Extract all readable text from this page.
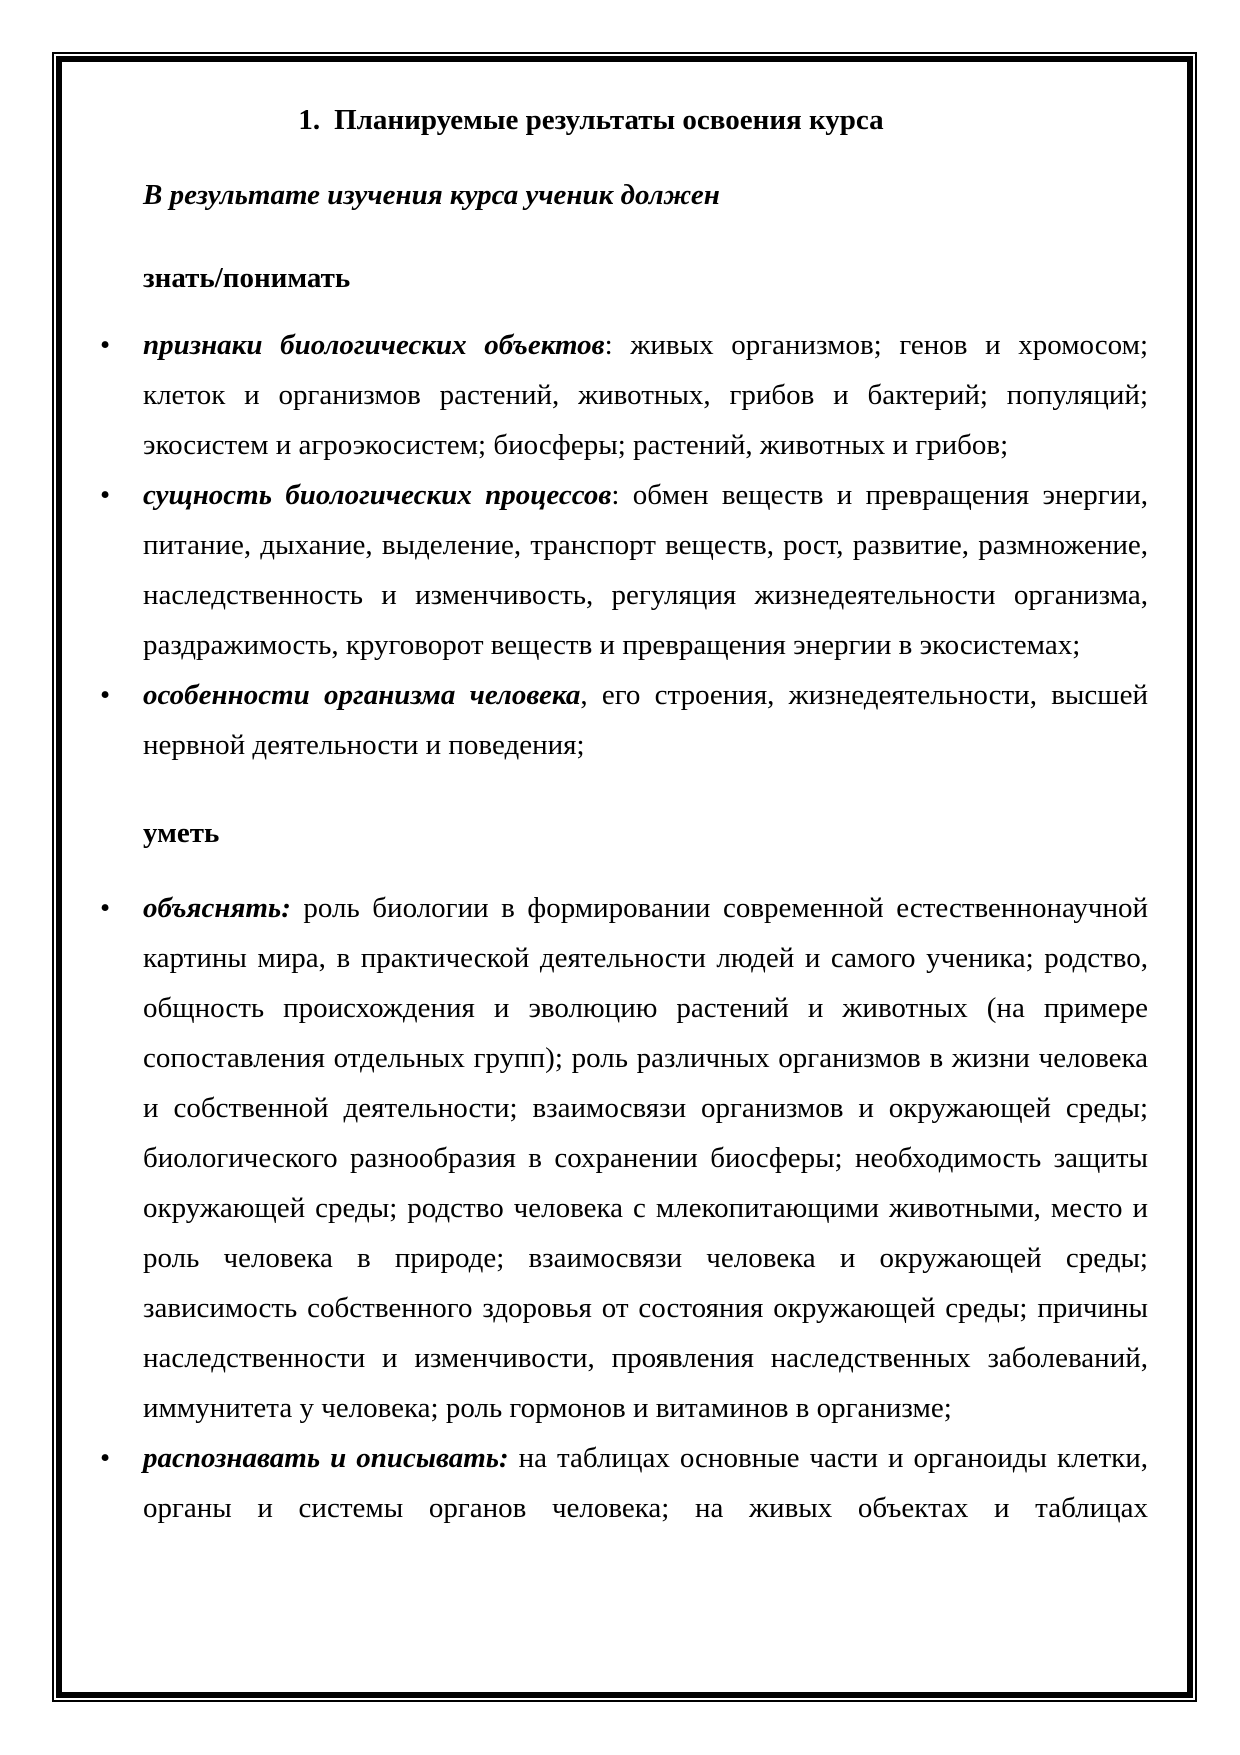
1. Планируемые результаты освоения курса
В результате изучения курса ученик должен
знать/понимать
• признаки биологических объектов: живых организмов; генов и хромосом; клеток и организмов растений, животных, грибов и бактерий; популяций; экосистем и агроэкосистем; биосферы; растений, животных и грибов;
• сущность биологических процессов: обмен веществ и превращения энергии, питание, дыхание, выделение, транспорт веществ, рост, развитие, размножение, наследственность и изменчивость, регуляция жизнедеятельности организма, раздражимость, круговорот веществ и превращения энергии в экосистемах;
• особенности организма человека, его строения, жизнедеятельности, высшей нервной деятельности и поведения;
уметь
• объяснять: роль биологии в формировании современной естественнонаучной картины мира, в практической деятельности людей и самого ученика; родство, общность происхождения и эволюцию растений и животных (на примере сопоставления отдельных групп); роль различных организмов в жизни человека и собственной деятельности; взаимосвязи организмов и окружающей среды; биологического разнообразия в сохранении биосферы; необходимость защиты окружающей среды; родство человека с млекопитающими животными, место и роль человека в природе; взаимосвязи человека и окружающей среды; зависимость собственного здоровья от состояния окружающей среды; причины наследственности и изменчивости, проявления наследственных заболеваний, иммунитета у человека; роль гормонов и витаминов в организме;
• распознавать и описывать: на таблицах основные части и органоиды клетки, органы и системы органов человека; на живых объектах и таблицах
